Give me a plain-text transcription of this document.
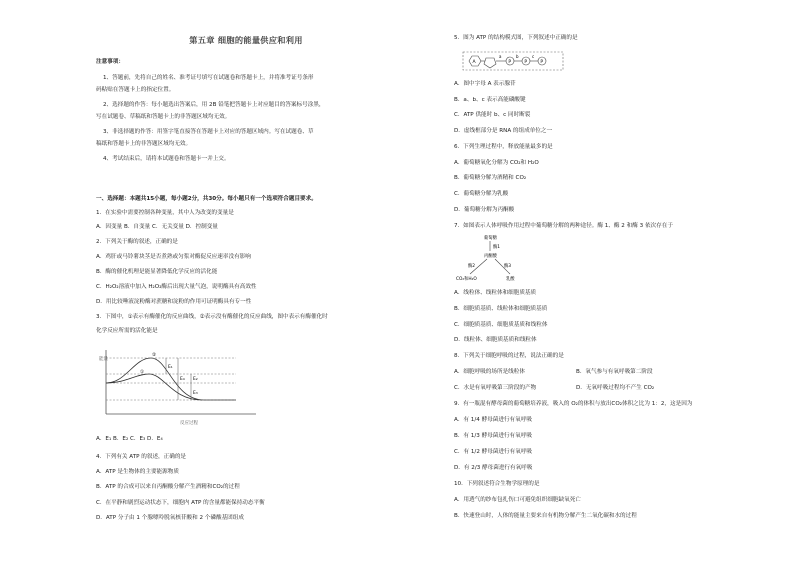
第五章 细胞的能量供应和利用
注意事项：
1、答题前，先将自己的姓名、准考证号填写在试题卷和答题卡上，并将准考证号条形
码粘贴在答题卡上的指定位置。
2、选择题的作答：每小题选出答案后，用 2B 铅笔把答题卡上对应题目的答案标号涂黑，
写在试题卷、草稿纸和答题卡上的非答题区域均无效。
3、非选择题的作答：用签字笔直接答在答题卡上对应的答题区域内。写在试题卷、草
稿纸和答题卡上的非答题区域均无效。
4、考试结束后，请将本试题卷和答题卡一并上交。
一、选择题：本题共15小题，每小题2分，共30分。每小题只有一个选项符合题目要求。
1．在实验中需要控制各种变量，其中人为改变的变量是
A．因变量 B．自变量 C．无关变量 D．控制变量
2．下列关于酶的叙述，正确的是
A．鸡肝或马铃薯块茎是否煮熟或匀浆对酶促反应速率没有影响
B．酶的催化机理是能显著降低化学反应的活化能
C．H₂O₂溶液中加入 H₂O₂酶后出现大量气泡，说明酶具有高效性
D．用比较唾液淀粉酶对蔗糖和淀粉的作用可证明酶具有专一性
3．下图中，①表示有酶催化的反应曲线，②表示没有酶催化的反应曲线，图中表示有酶催化时
化学反应所需的活化能是
能量
反应过程
②
①
E₁
E₄ E₂
E₃
A．E₁ B．E₂ C．E₃ D．E₄
4．下列有关 ATP 的叙述，正确的是
A．ATP 是生物体的主要能源物质
B．ATP 的合成可以来自丙酮酸分解产生酒精和CO₂的过程
C．在平静和剧烈运动状态下，细胞内 ATP 的含量都能保持动态平衡
D．ATP 分子由 1 个腺嘌呤脱氧核苷酸和 2 个磷酸基团组成
5．图为 ATP 的结构模式图，下列叙述中正确的是
A
a
P
b
P
c
P
A．图中字母 A 表示腺苷
B．a、b、c 表示高能磷酸键
C．ATP 供能时 b、c 同时断裂
D．虚线框部分是 RNA 的组成单位之一
6．下列生理过程中，释放能量最多的是
A．葡萄糖氧化分解为 CO₂和 H₂O
B．葡萄糖分解为酒精和 CO₂
C．葡萄糖分解为乳酸
D．葡萄糖分解为丙酮酸
7．如图表示人体呼吸作用过程中葡萄糖分解的两种途径。酶 1、酶 2 和酶 3 依次存在于
葡萄糖
酶1
丙酮酸
酶2	酶3
CO₂和H₂O	乳酸
A．线粒体、线粒体和细胞质基质
B．细胞质基质、线粒体和细胞质基质
C．细胞质基质、细胞质基质和线粒体
D．线粒体、细胞质基质和线粒体
8．下列关于细胞呼吸的过程，说法正确的是
A．细胞呼吸的场所是线粒体	B．氧气参与有氧呼吸第二阶段
C．水是有氧呼吸第三阶段的产物	D．无氧呼吸过程均不产生 CO₂
9．有一瓶混有酵母菌的葡萄糖培养液，吸入的 O₂的体积与放出CO₂体积之比为 1：2，这是因为
A．有 1/4 酵母菌进行有氧呼吸
B．有 1/3 酵母菌进行有氧呼吸
C．有 1/2 酵母菌进行有氧呼吸
D．有 2/3 酵母菌进行有氧呼吸
10．下列叙述符合生物学原理的是
A．用透气的纱布包扎伤口可避免组织细胞缺氧死亡
B．快速登山时，人体的能量主要来自有机物分解产生二氧化碳和水的过程
